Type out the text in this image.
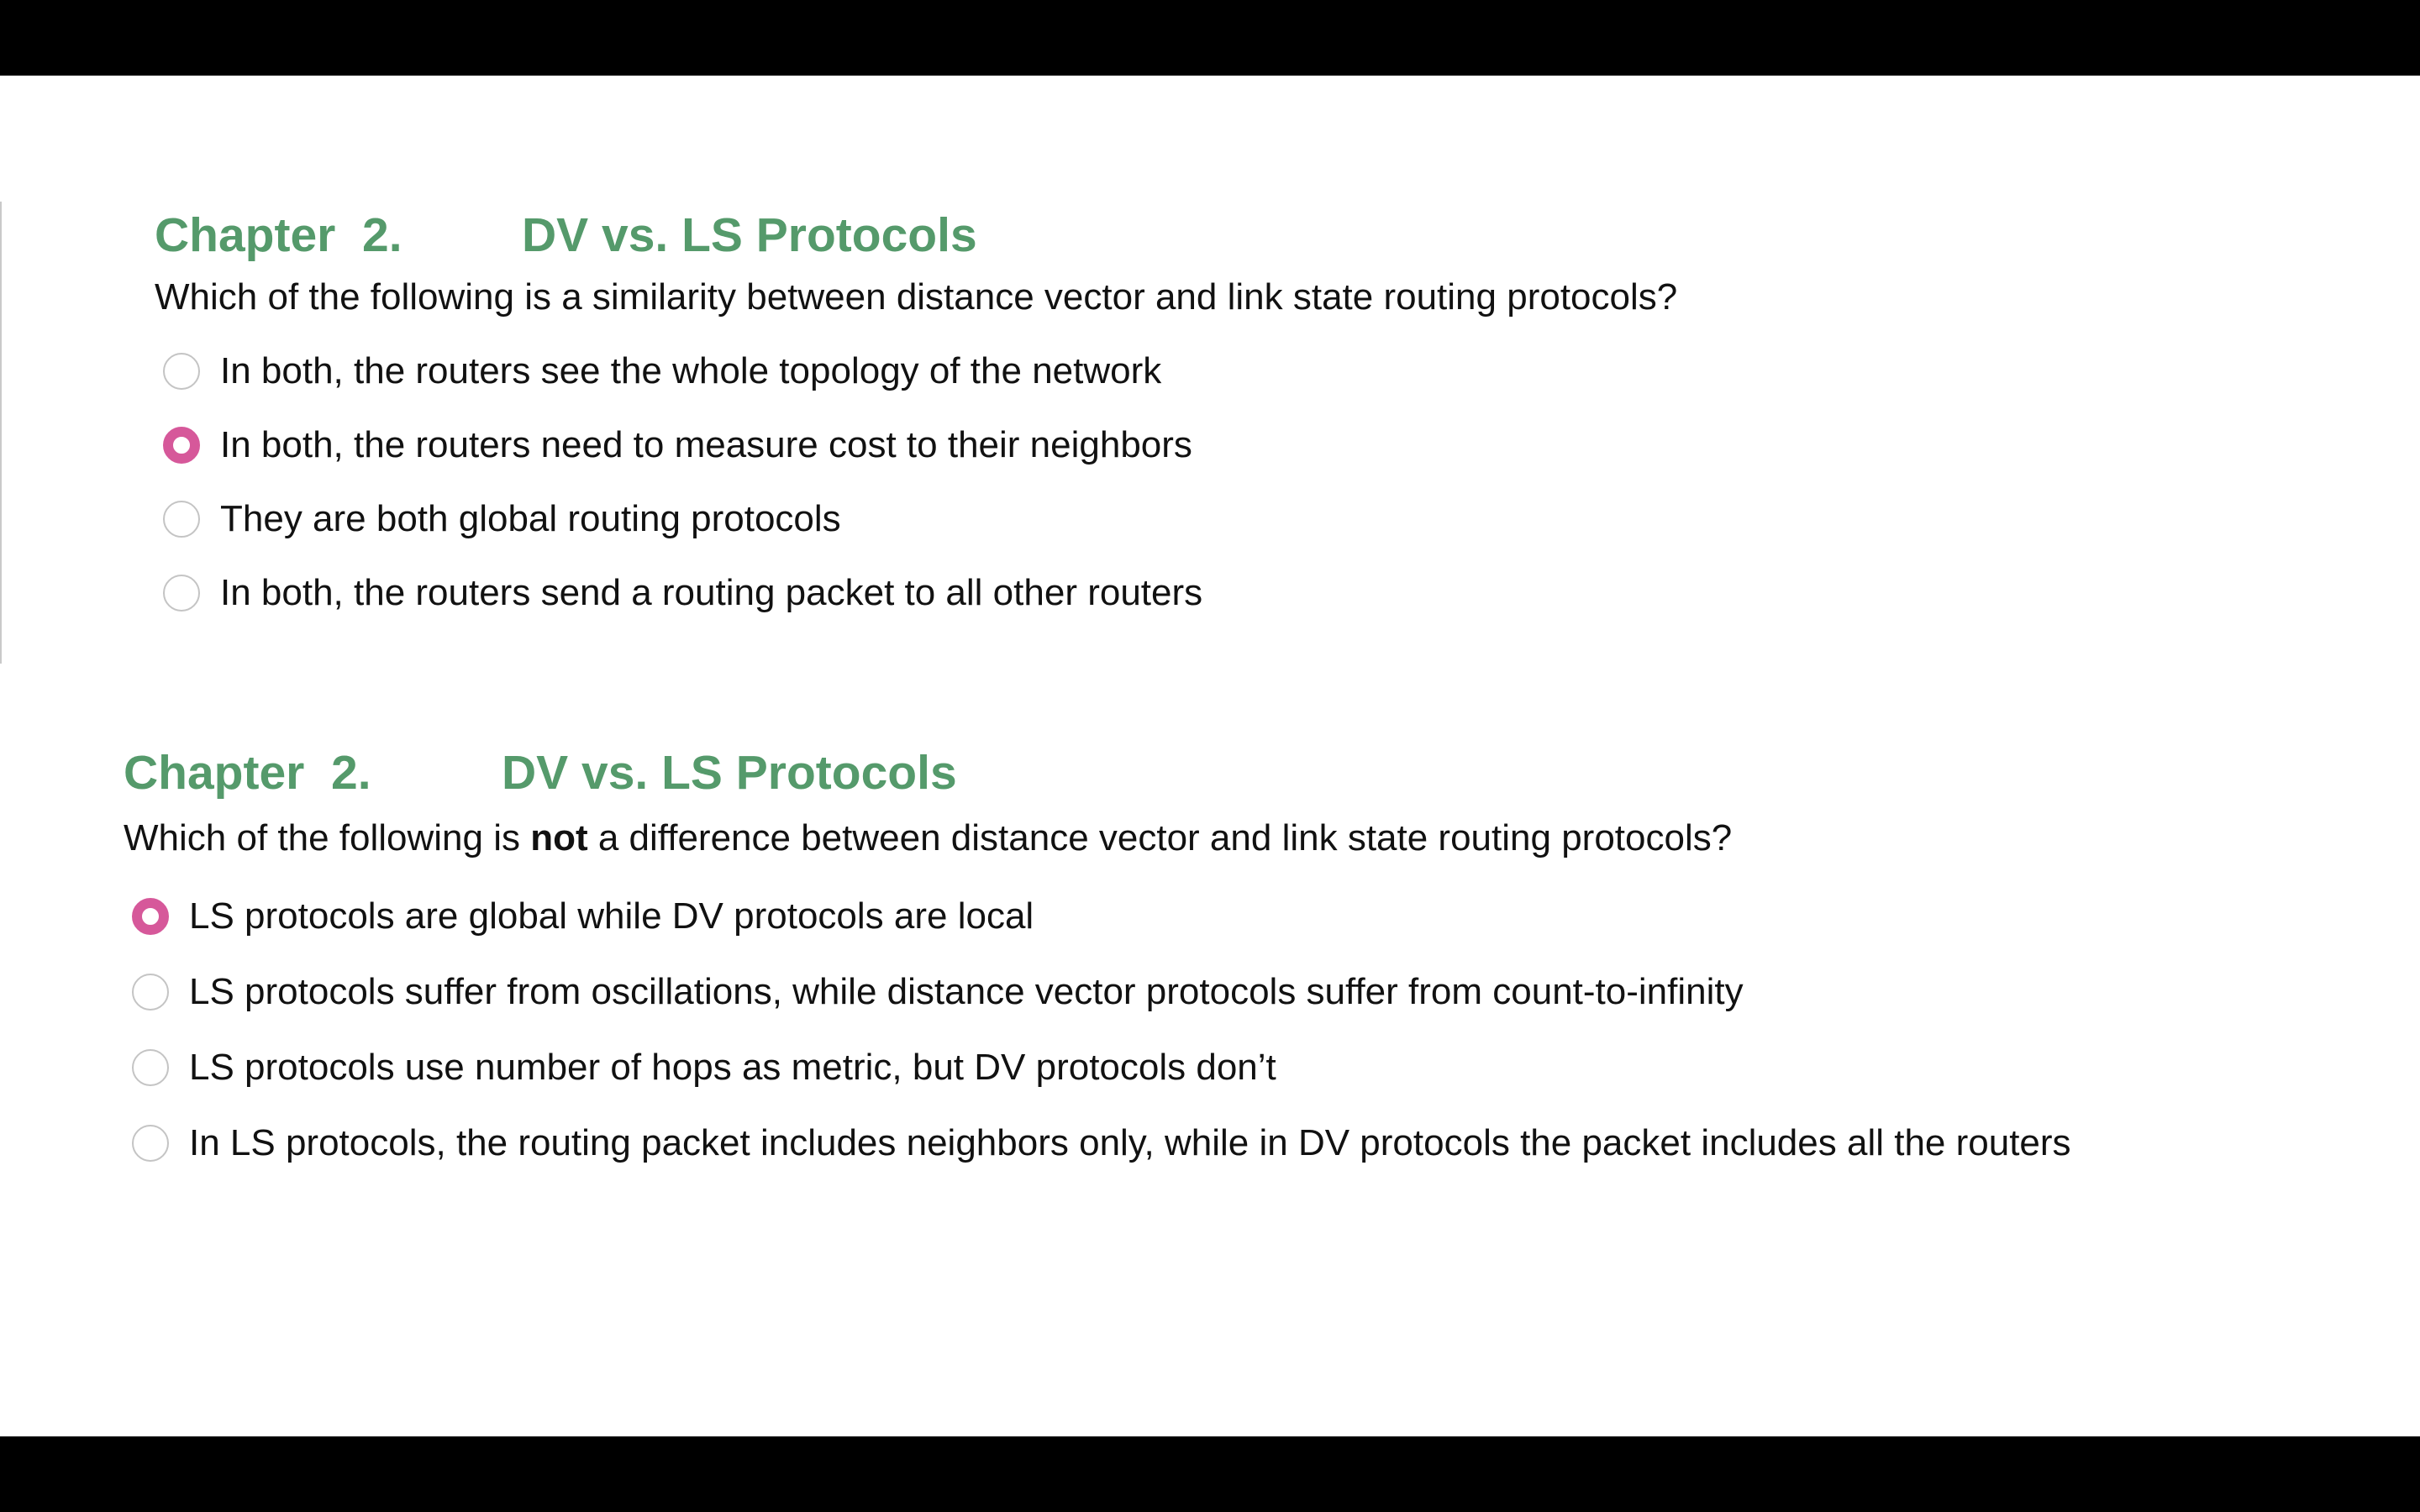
Chapter  2. DV vs. LS Protocols
Which of the following is a similarity between distance vector and link state routing protocols?
In both, the routers see the whole topology of the network
In both, the routers need to measure cost to their neighbors
They are both global routing protocols
In both, the routers send a routing packet to all other routers
Chapter  2.	DV vs. LS Protocols
Which of the following is not a difference between distance vector and link state routing protocols?
LS protocols are global while DV protocols are local
LS protocols suffer from oscillations, while distance vector protocols suffer from count-to-infinity
LS protocols use number of hops as metric, but DV protocols don’t
In LS protocols, the routing packet includes neighbors only, while in DV protocols the packet includes all the routers
